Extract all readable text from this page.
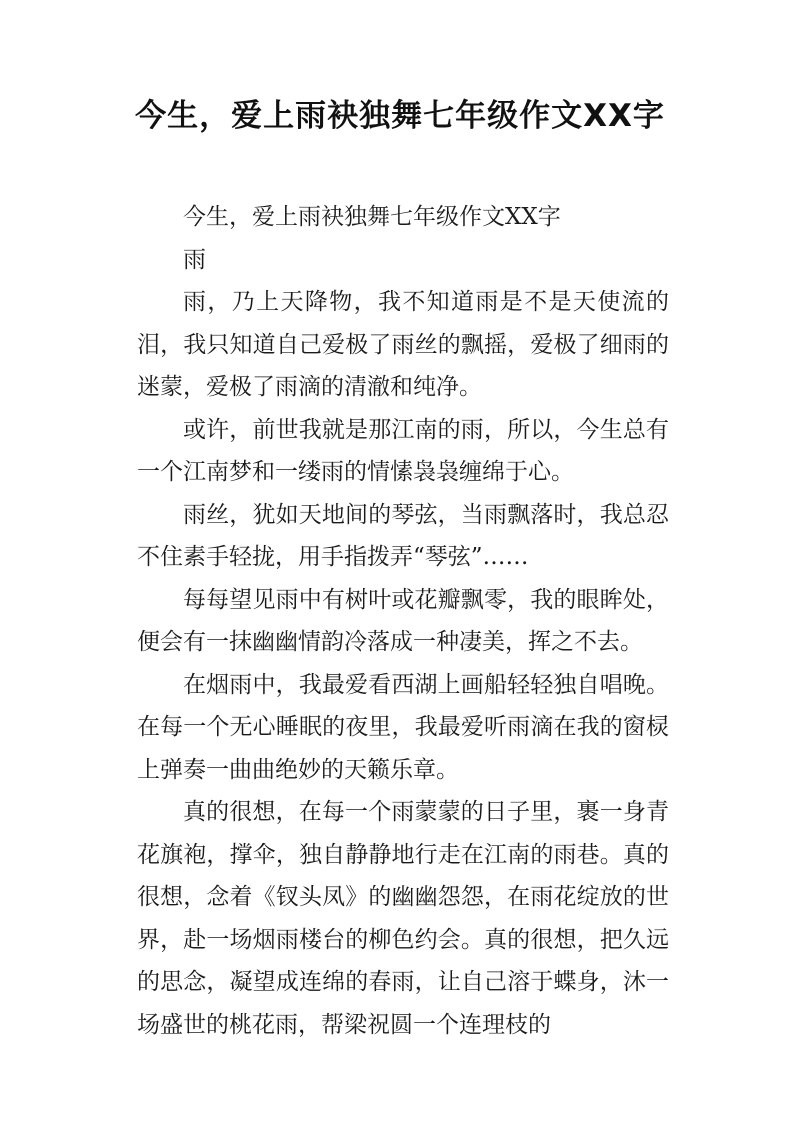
今生，爱上雨袂独舞七年级作文XX字

今生，爱上雨袂独舞七年级作文XX字

雨

雨，乃上天降物，我不知道雨是不是天使流的泪，我只知道自己爱极了雨丝的飘摇，爱极了细雨的迷蒙，爱极了雨滴的清澈和纯净。

或许，前世我就是那江南的雨，所以，今生总有一个江南梦和一缕雨的情愫袅袅缠绵于心。

雨丝，犹如天地间的琴弦，当雨飘落时，我总忍不住素手轻拢，用手指拨弄“琴弦”……

每每望见雨中有树叶或花瓣飘零，我的眼眸处，便会有一抹幽幽情韵冷落成一种凄美，挥之不去。

在烟雨中，我最爱看西湖上画船轻轻独自唱晚。在每一个无心睡眠的夜里，我最爱听雨滴在我的窗棂上弹奏一曲曲绝妙的天籁乐章。

真的很想，在每一个雨蒙蒙的日子里，裹一身青花旗袍，撑伞，独自静静地行走在江南的雨巷。真的很想，念着《钗头凤》的幽幽怨怨，在雨花绽放的世界，赴一场烟雨楼台的柳色约会。真的很想，把久远的思念，凝望成连绵的春雨，让自己溶于蝶身，沐一场盛世的桃花雨，帮梁祝圆一个连理枝的
